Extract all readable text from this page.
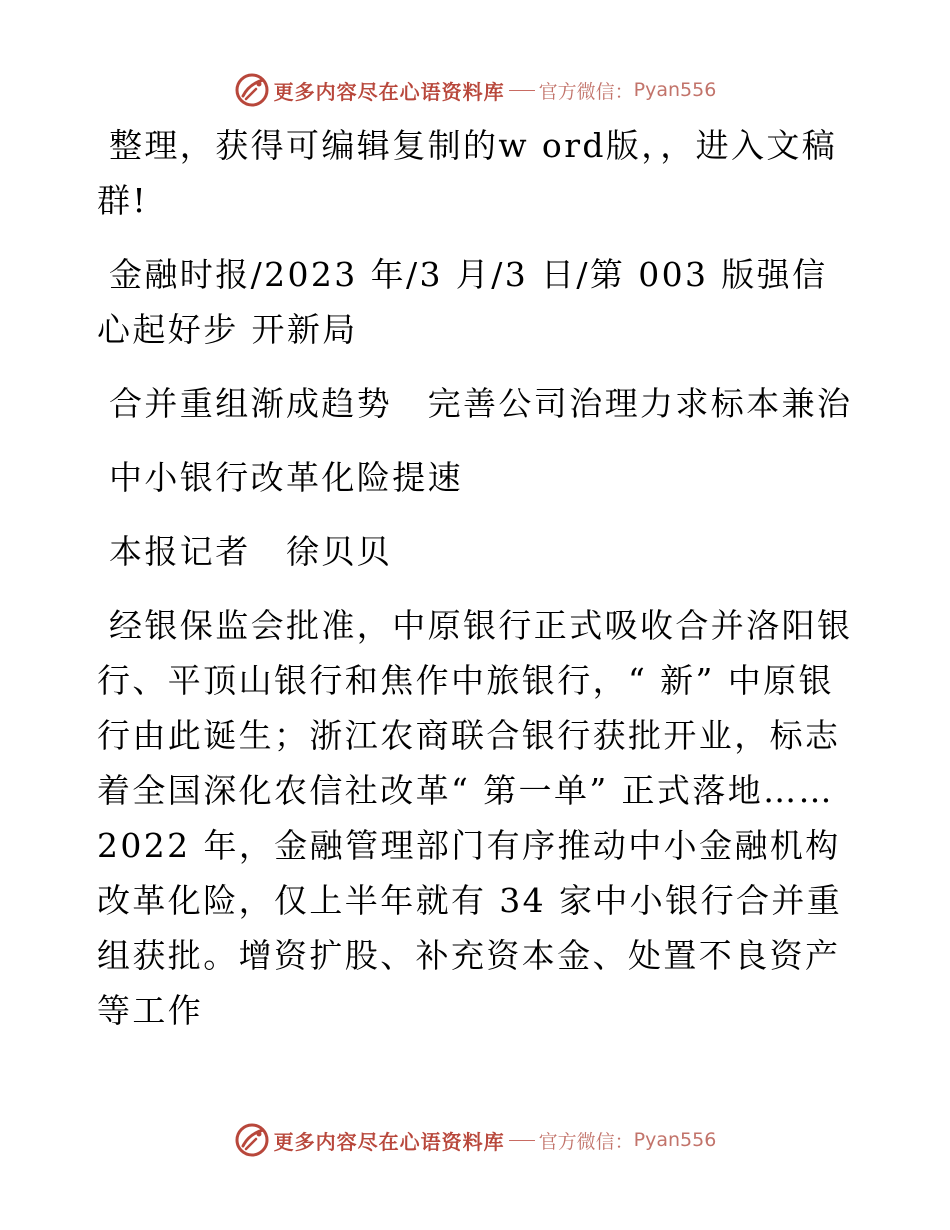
更多内容尽在心语资料库 官方微信： Pyan556

整理，获得可编辑复制的w ord版，，进入文稿群!

金融时报/2023 年/3 月/3 日/第 003 版强信心起好步 开新局

合并重组渐成趋势　完善公司治理力求标本兼治

中小银行改革化险提速

本报记者　徐贝贝

经银保监会批准，中原银行正式吸收合并洛阳银行、平顶山银行和焦作中旅银行，“ 新” 中原银行由此诞生；浙江农商联合银行获批开业，标志着全国深化农信社改革“ 第一单” 正式落地……2022 年，金融管理部门有序推动中小金融机构改革化险，仅上半年就有 34 家中小银行合并重组获批。增资扩股、补充资本金、处置不良资产等工作

更多内容尽在心语资料库 官方微信： Pyan556
